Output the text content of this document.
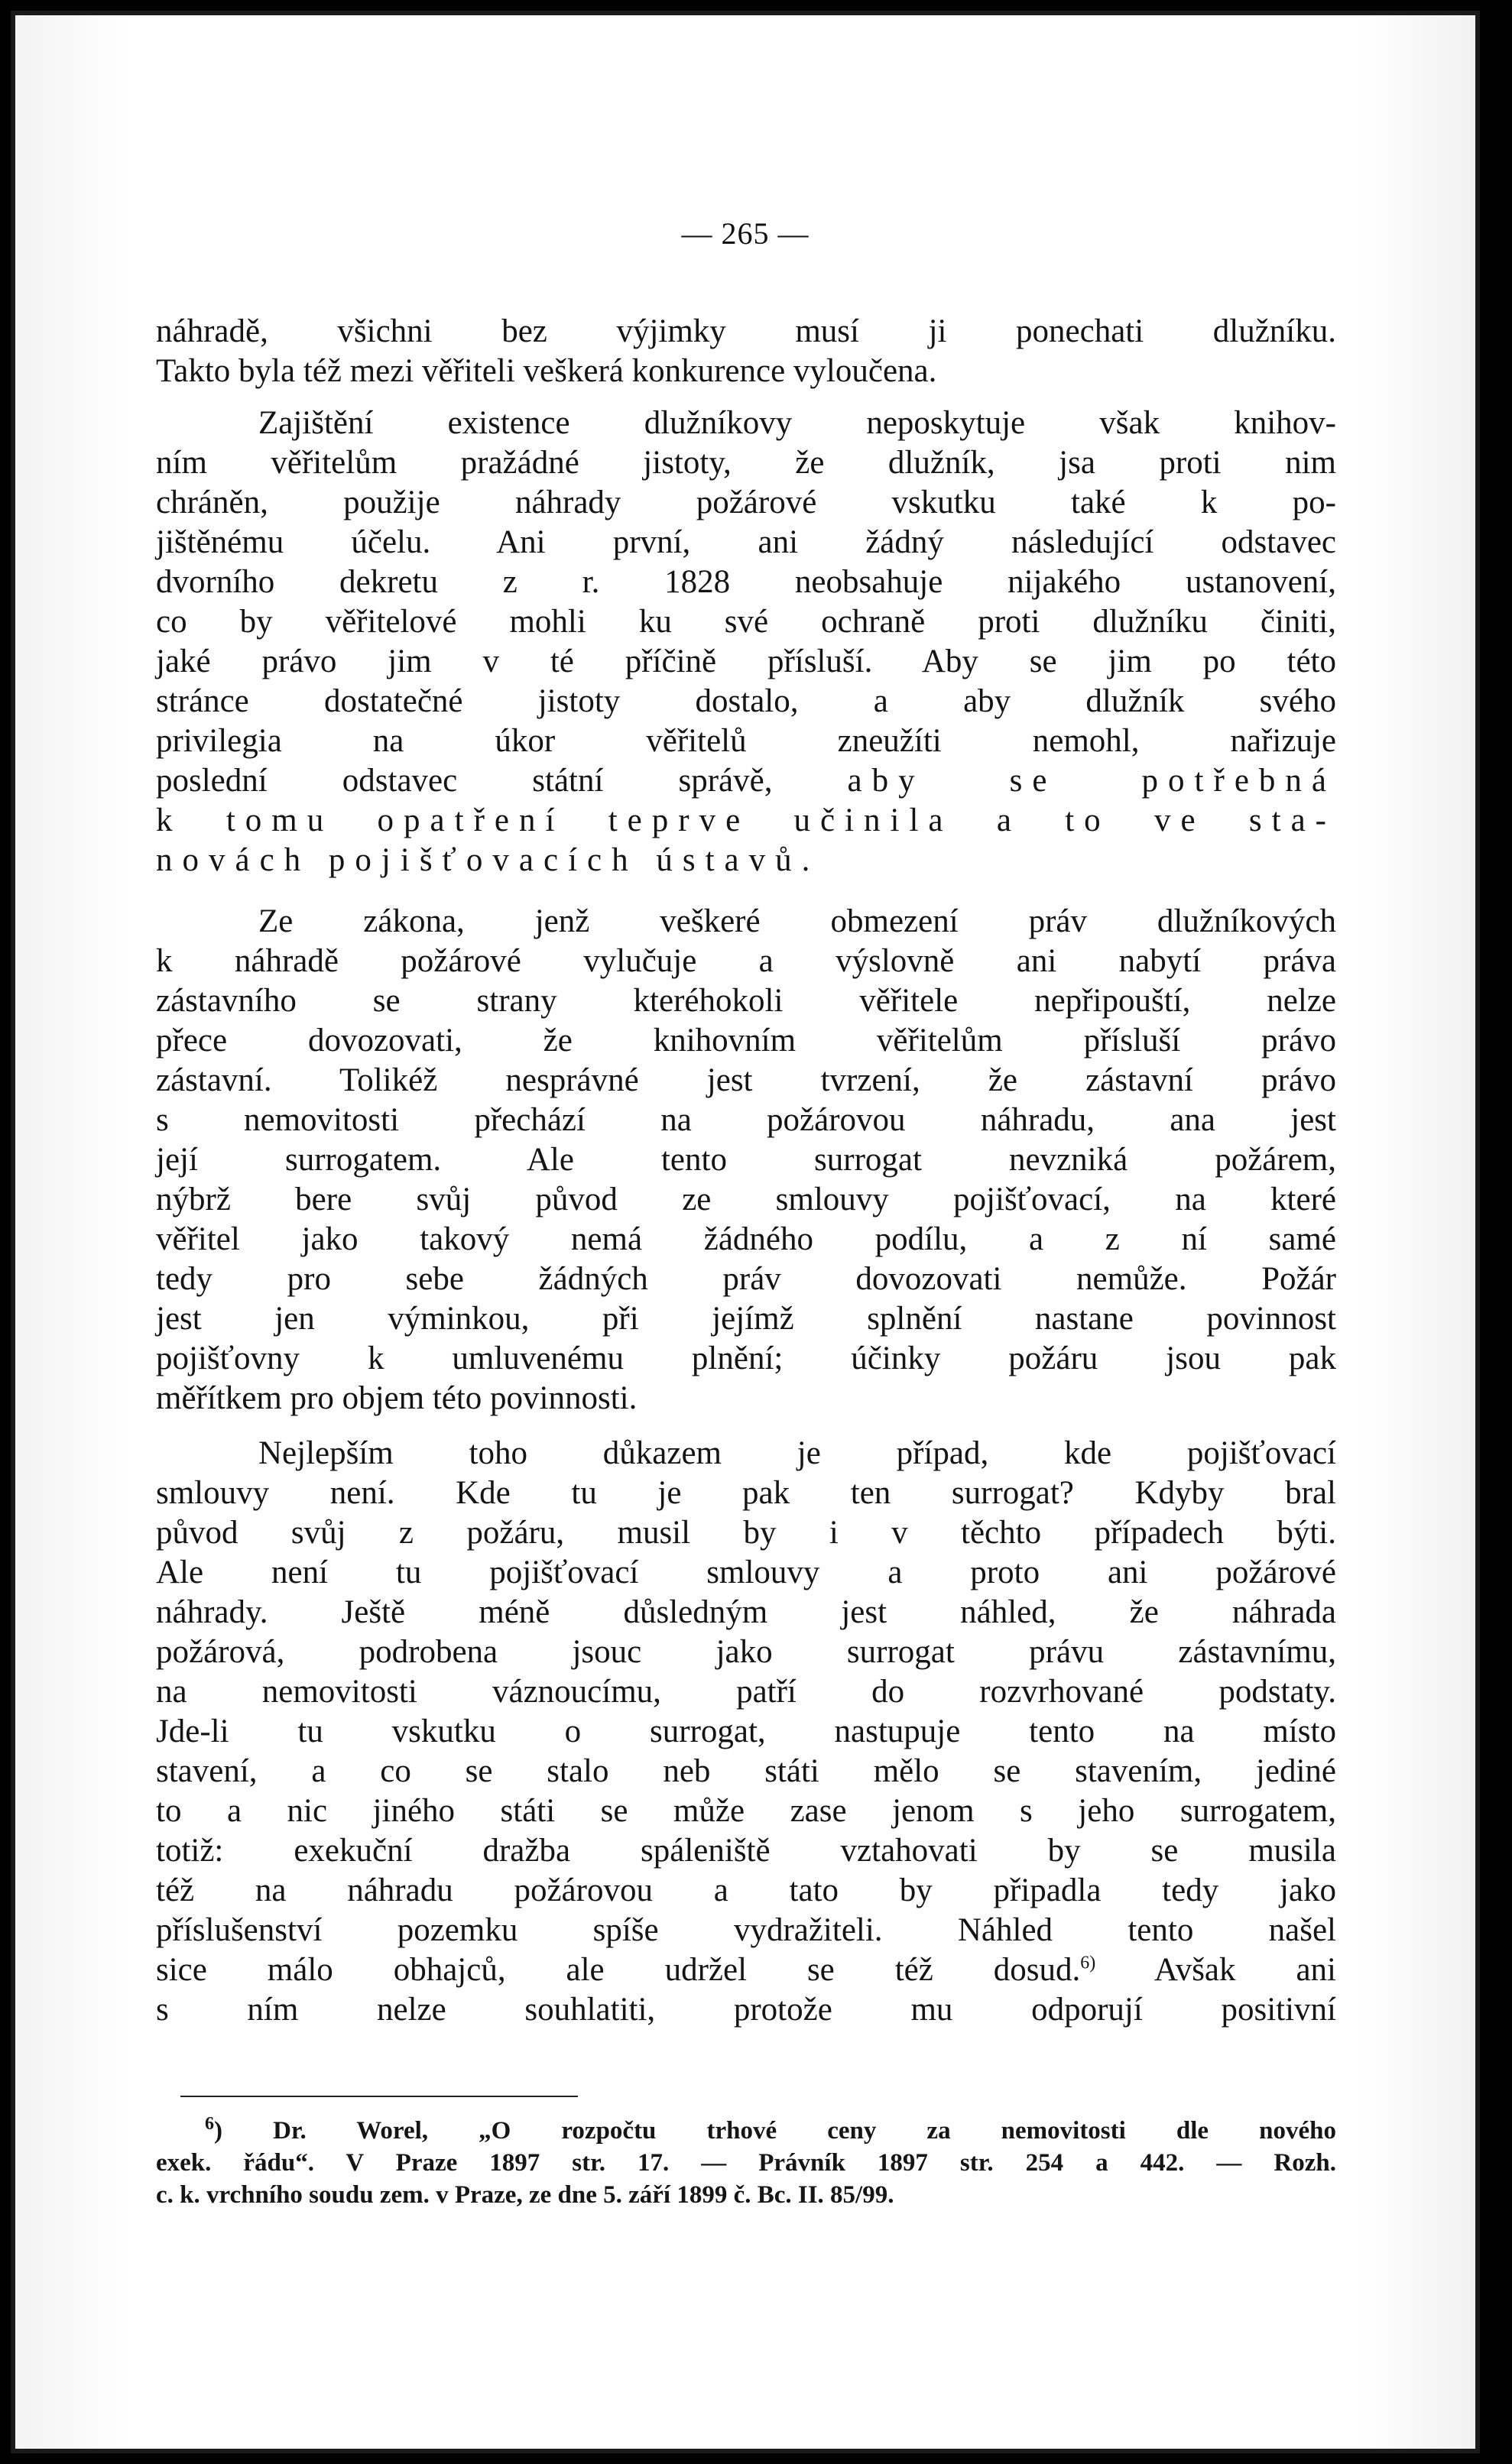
— 265 —
náhradě, všichni bez výjimky musí ji ponechati dlužníku.
Takto byla též mezi věřiteli veškerá konkurence vyloučena.
Zajištění existence dlužníkovy neposkytuje však knihov-
ním věřitelům pražádné jistoty, že dlužník, jsa proti nim
chráněn, použije náhrady požárové vskutku také k po-
jištěnému účelu. Ani první, ani žádný následující odstavec
dvorního dekretu z r. 1828 neobsahuje nijakého ustanovení,
co by věřitelové mohli ku své ochraně proti dlužníku činiti,
jaké právo jim v té příčině přísluší. Aby se jim po této
stránce dostatečné jistoty dostalo, a aby dlužník svého
privilegia na úkor věřitelů zneužíti nemohl, nařizuje
poslední odstavec státní správě, aby se potřebná
k tomu opatření teprve učinila a to ve sta-
novách pojišťovacích ústavů.
Ze zákona, jenž veškeré obmezení práv dlužníkových
k náhradě požárové vylučuje a výslovně ani nabytí práva
zástavního se strany kteréhokoli věřitele nepřipouští, nelze
přece dovozovati, že knihovním věřitelům přísluší právo
zástavní. Tolikéž nesprávné jest tvrzení, že zástavní právo
s nemovitosti přechází na požárovou náhradu, ana jest
její surrogatem. Ale tento surrogat nevzniká požárem,
nýbrž bere svůj původ ze smlouvy pojišťovací, na které
věřitel jako takový nemá žádného podílu, a z ní samé
tedy pro sebe žádných práv dovozovati nemůže. Požár
jest jen výminkou, při jejímž splnění nastane povinnost
pojišťovny k umluvenému plnění; účinky požáru jsou pak
měřítkem pro objem této povinnosti.
Nejlepším toho důkazem je případ, kde pojišťovací
smlouvy není. Kde tu je pak ten surrogat? Kdyby bral
původ svůj z požáru, musil by i v těchto případech býti.
Ale není tu pojišťovací smlouvy a proto ani požárové
náhrady. Ještě méně důsledným jest náhled, že náhrada
požárová, podrobena jsouc jako surrogat právu zástavnímu,
na nemovitosti váznoucímu, patří do rozvrhované podstaty.
Jde-li tu vskutku o surrogat, nastupuje tento na místo
stavení, a co se stalo neb státi mělo se stavením, jediné
to a nic jiného státi se může zase jenom s jeho surrogatem,
totiž: exekuční dražba spáleniště vztahovati by se musila
též na náhradu požárovou a tato by připadla tedy jako
příslušenství pozemku spíše vydražiteli. Náhled tento našel
sice málo obhajců, ale udržel se též dosud.$^{6)}$ Avšak ani
s ním nelze souhlatiti, protože mu odporují positivní
$^6$) Dr. Worel, „O rozpočtu trhové ceny za nemovitosti dle nového
exek. řádu“. V Praze 1897 str. 17. — Právník 1897 str. 254 a 442. — Rozh.
c. k. vrchního soudu zem. v Praze, ze dne 5. září 1899 č. Bc. II. 85/99.
